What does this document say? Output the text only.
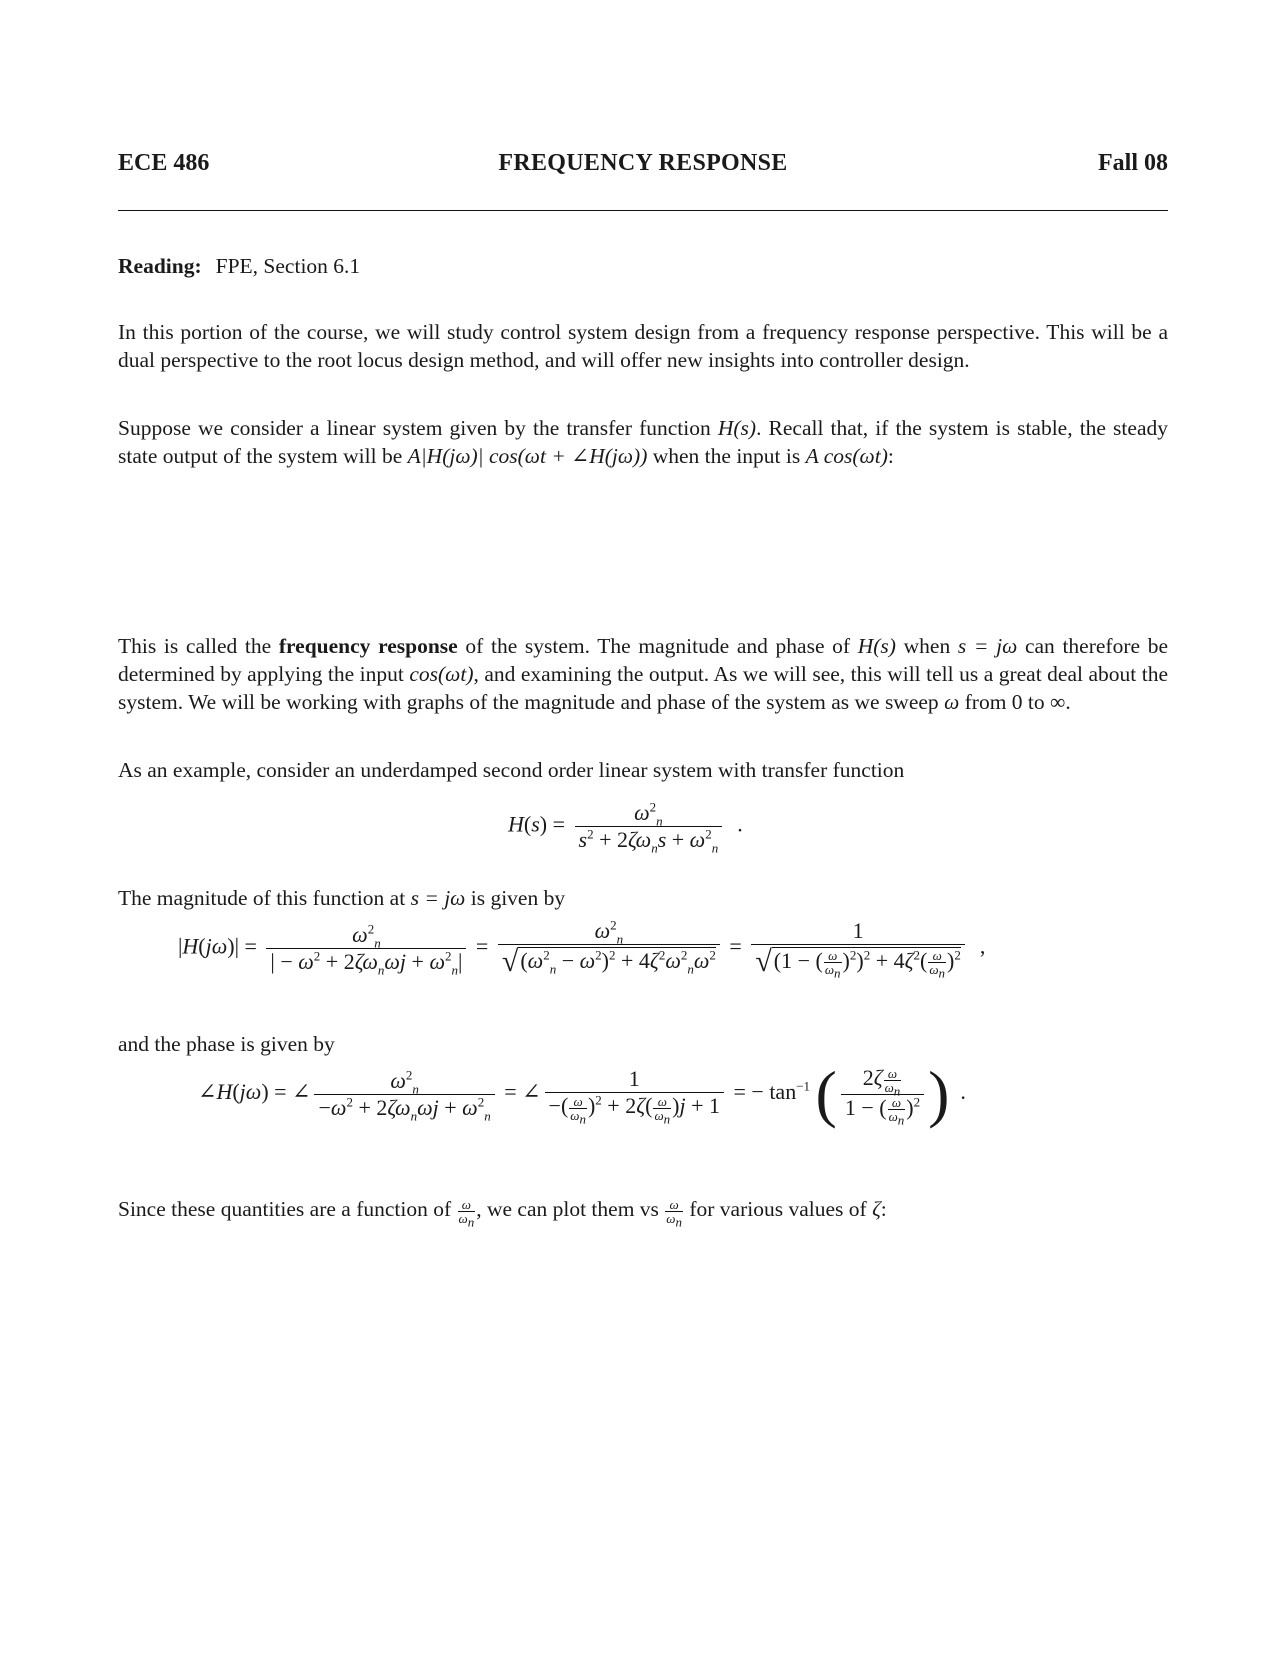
ECE 486	FREQUENCY RESPONSE	Fall 08
Reading: FPE, Section 6.1
In this portion of the course, we will study control system design from a frequency response perspective. This will be a dual perspective to the root locus design method, and will offer new insights into controller design.
Suppose we consider a linear system given by the transfer function H(s). Recall that, if the system is stable, the steady state output of the system will be A|H(jω)| cos(ωt + ∠H(jω)) when the input is A cos(ωt):
This is called the frequency response of the system. The magnitude and phase of H(s) when s = jω can therefore be determined by applying the input cos(ωt), and examining the output. As we will see, this will tell us a great deal about the system. We will be working with graphs of the magnitude and phase of the system as we sweep ω from 0 to ∞.
As an example, consider an underdamped second order linear system with transfer function
$H(s) = \frac{\omega^2_n}{s^2 + 2\zeta\omega_ns + \omega^2_n}$ .
The magnitude of this function at s = jω is given by
$|H(j\omega)| = \frac{\omega^2_n}{| - \omega^2 + 2\zeta\omega_n\omega j + \omega^2_n|} = \frac{\omega^2_n}{√(\omega^2_n - \omega^2)^2 + 4\zeta^2\omega^2_n\omega^2} = \frac{1}{√(1 - ( \frac{\omega}{\omega_n} )^2)^2 + 4\zeta^2( \frac{\omega}{\omega_n} )^2}$ ,
and the phase is given by
∠H(jω) = ∠ $\frac{\omega^2_n}{-\omega^2 + 2\zeta\omega_n\omega j + \omega^2_n}$ = ∠ $\frac{1}{-( \frac{\omega}{\omega_n} )^2 + 2\zeta( \frac{\omega}{\omega_n} )j + 1}$ = − $\tan^{-1}$ ( $\frac{2\zeta \frac{\omega}{\omega_n}}{1 - ( \frac{\omega}{\omega_n} )^2}$ )  .
Since these quantities are a function of $\frac{\omega}{\omega_n}$ , we can plot them vs $\frac{\omega}{\omega_n}$ for various values of ζ:
